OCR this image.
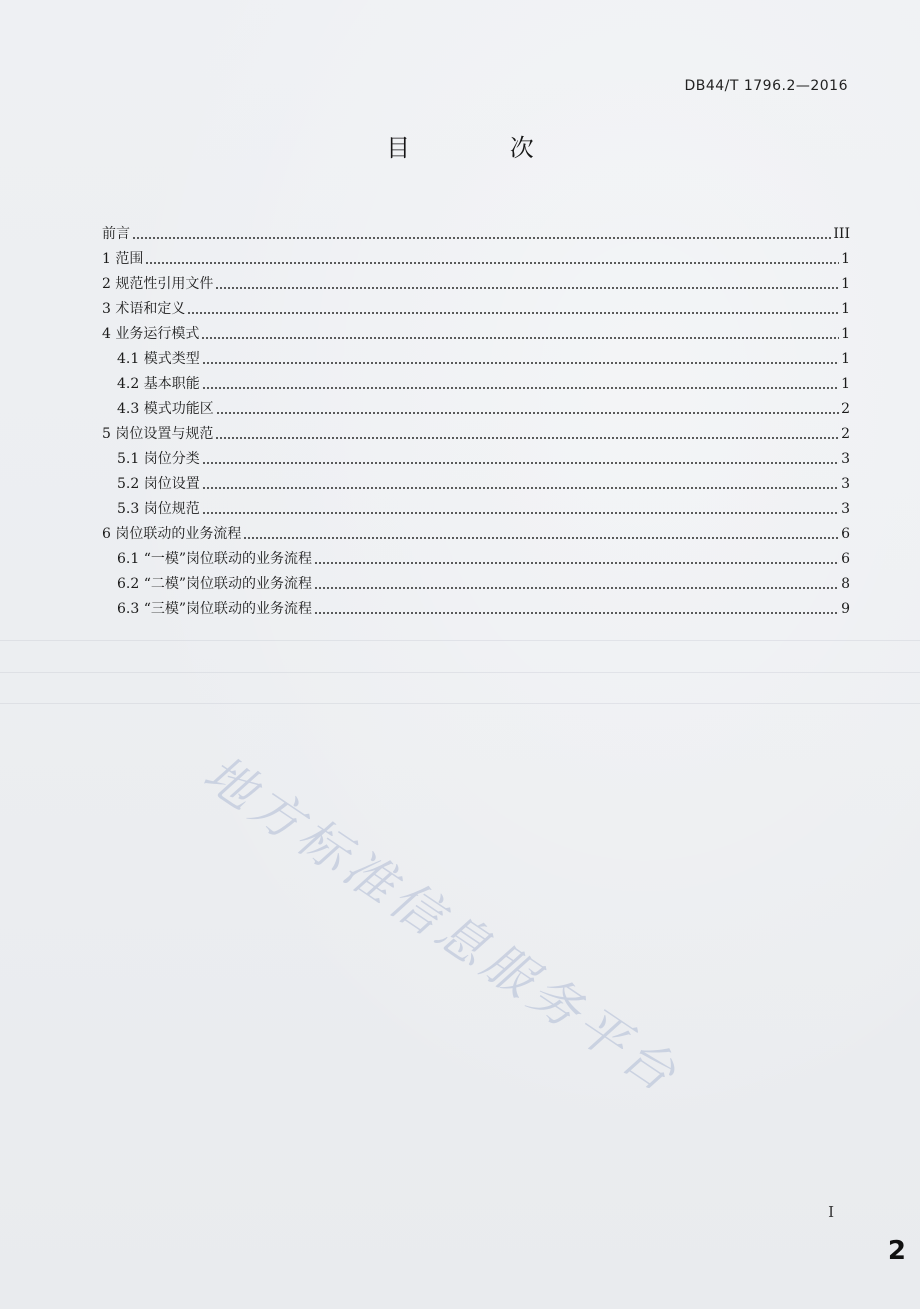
DB44/T 1796.2—2016
目 次
前言	III
1 范围	1
2 规范性引用文件	1
3 术语和定义	1
4 业务运行模式	1
4.1 模式类型	1
4.2 基本职能	1
4.3 模式功能区	2
5 岗位设置与规范	2
5.1 岗位分类	3
5.2 岗位设置	3
5.3 岗位规范	3
6 岗位联动的业务流程	6
6.1 “一模”岗位联动的业务流程	6
6.2 “二模”岗位联动的业务流程	8
6.3 “三模”岗位联动的业务流程	9
地方标准信息服务平台
I
2
